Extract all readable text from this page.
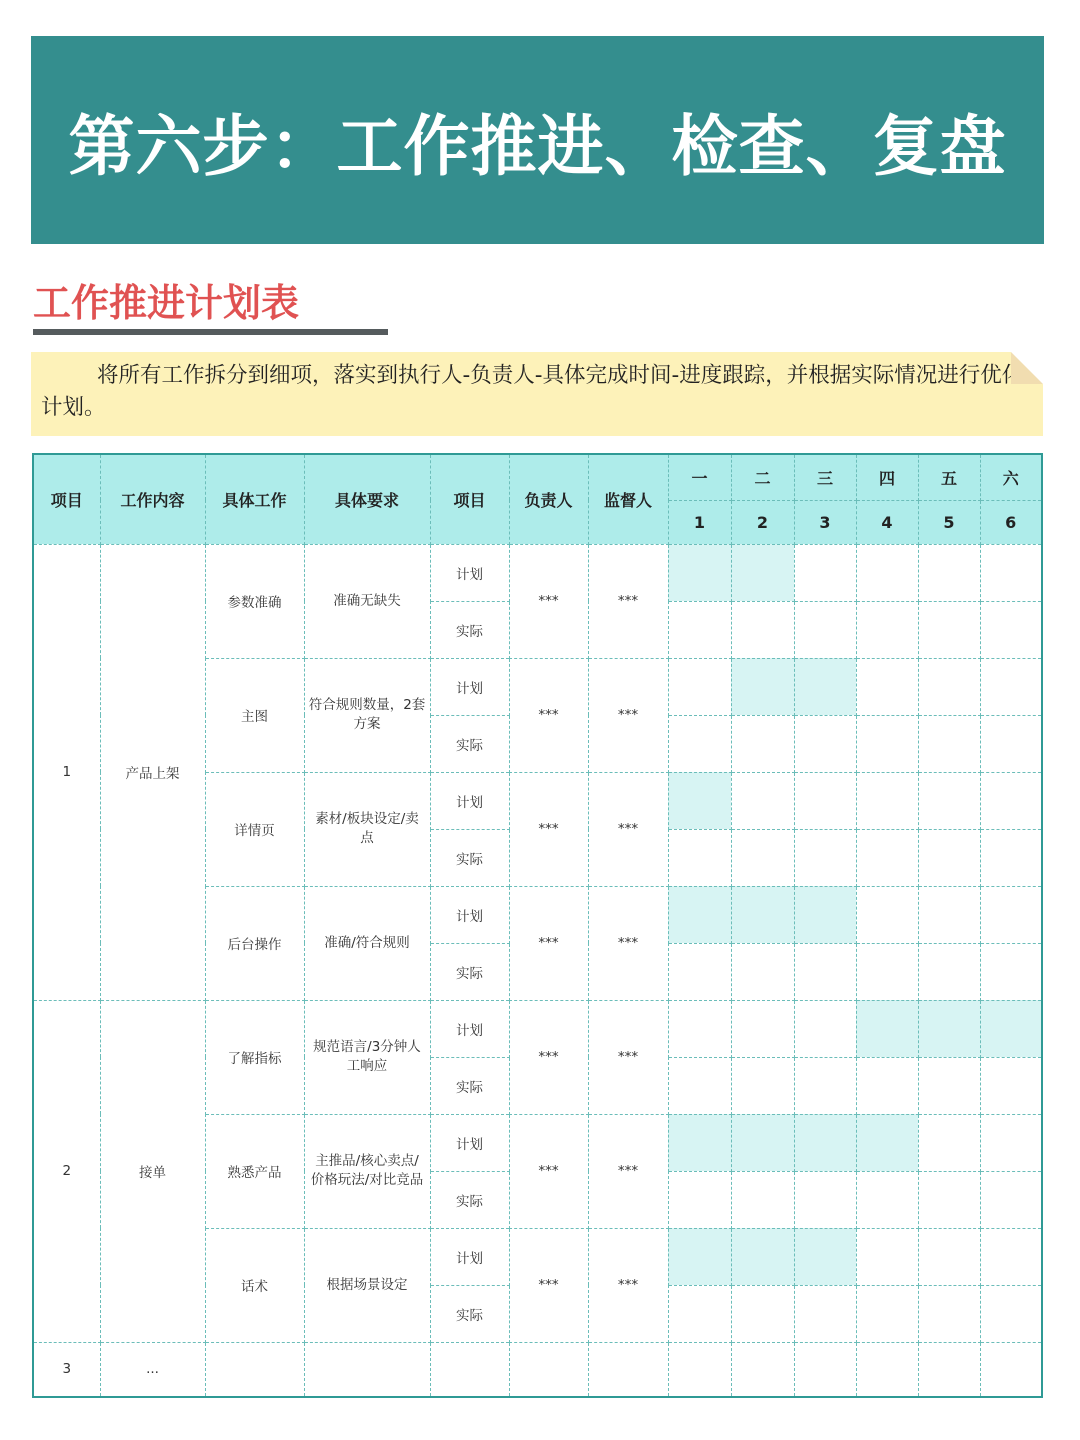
第六步：工作推进、检查、复盘
工作推进计划表

将所有工作拆分到细项，落实到执行人-负责人-具体完成时间-进度跟踪，并根据实际情况进行优化计划。

项目	工作内容	具体工作	具体要求	项目	负责人	监督人	一	二	三	四	五	六
							1	2	3	4	5	6
1	产品上架	参数准确	准确无缺失	计划	***	***						
				实际								
		主图	符合规则数量，2套方案	计划	***	***						
				实际								
		详情页	素材/板块设定/卖点	计划	***	***						
				实际								
		后台操作	准确/符合规则	计划	***	***						
				实际								
2	接单	了解指标	规范语言/3分钟人工响应	计划	***	***						
				实际								
		熟悉产品	主推品/核心卖点/价格玩法/对比竞品	计划	***	***						
				实际								
		话术	根据场景设定	计划	***	***						
				实际								
3	...											
